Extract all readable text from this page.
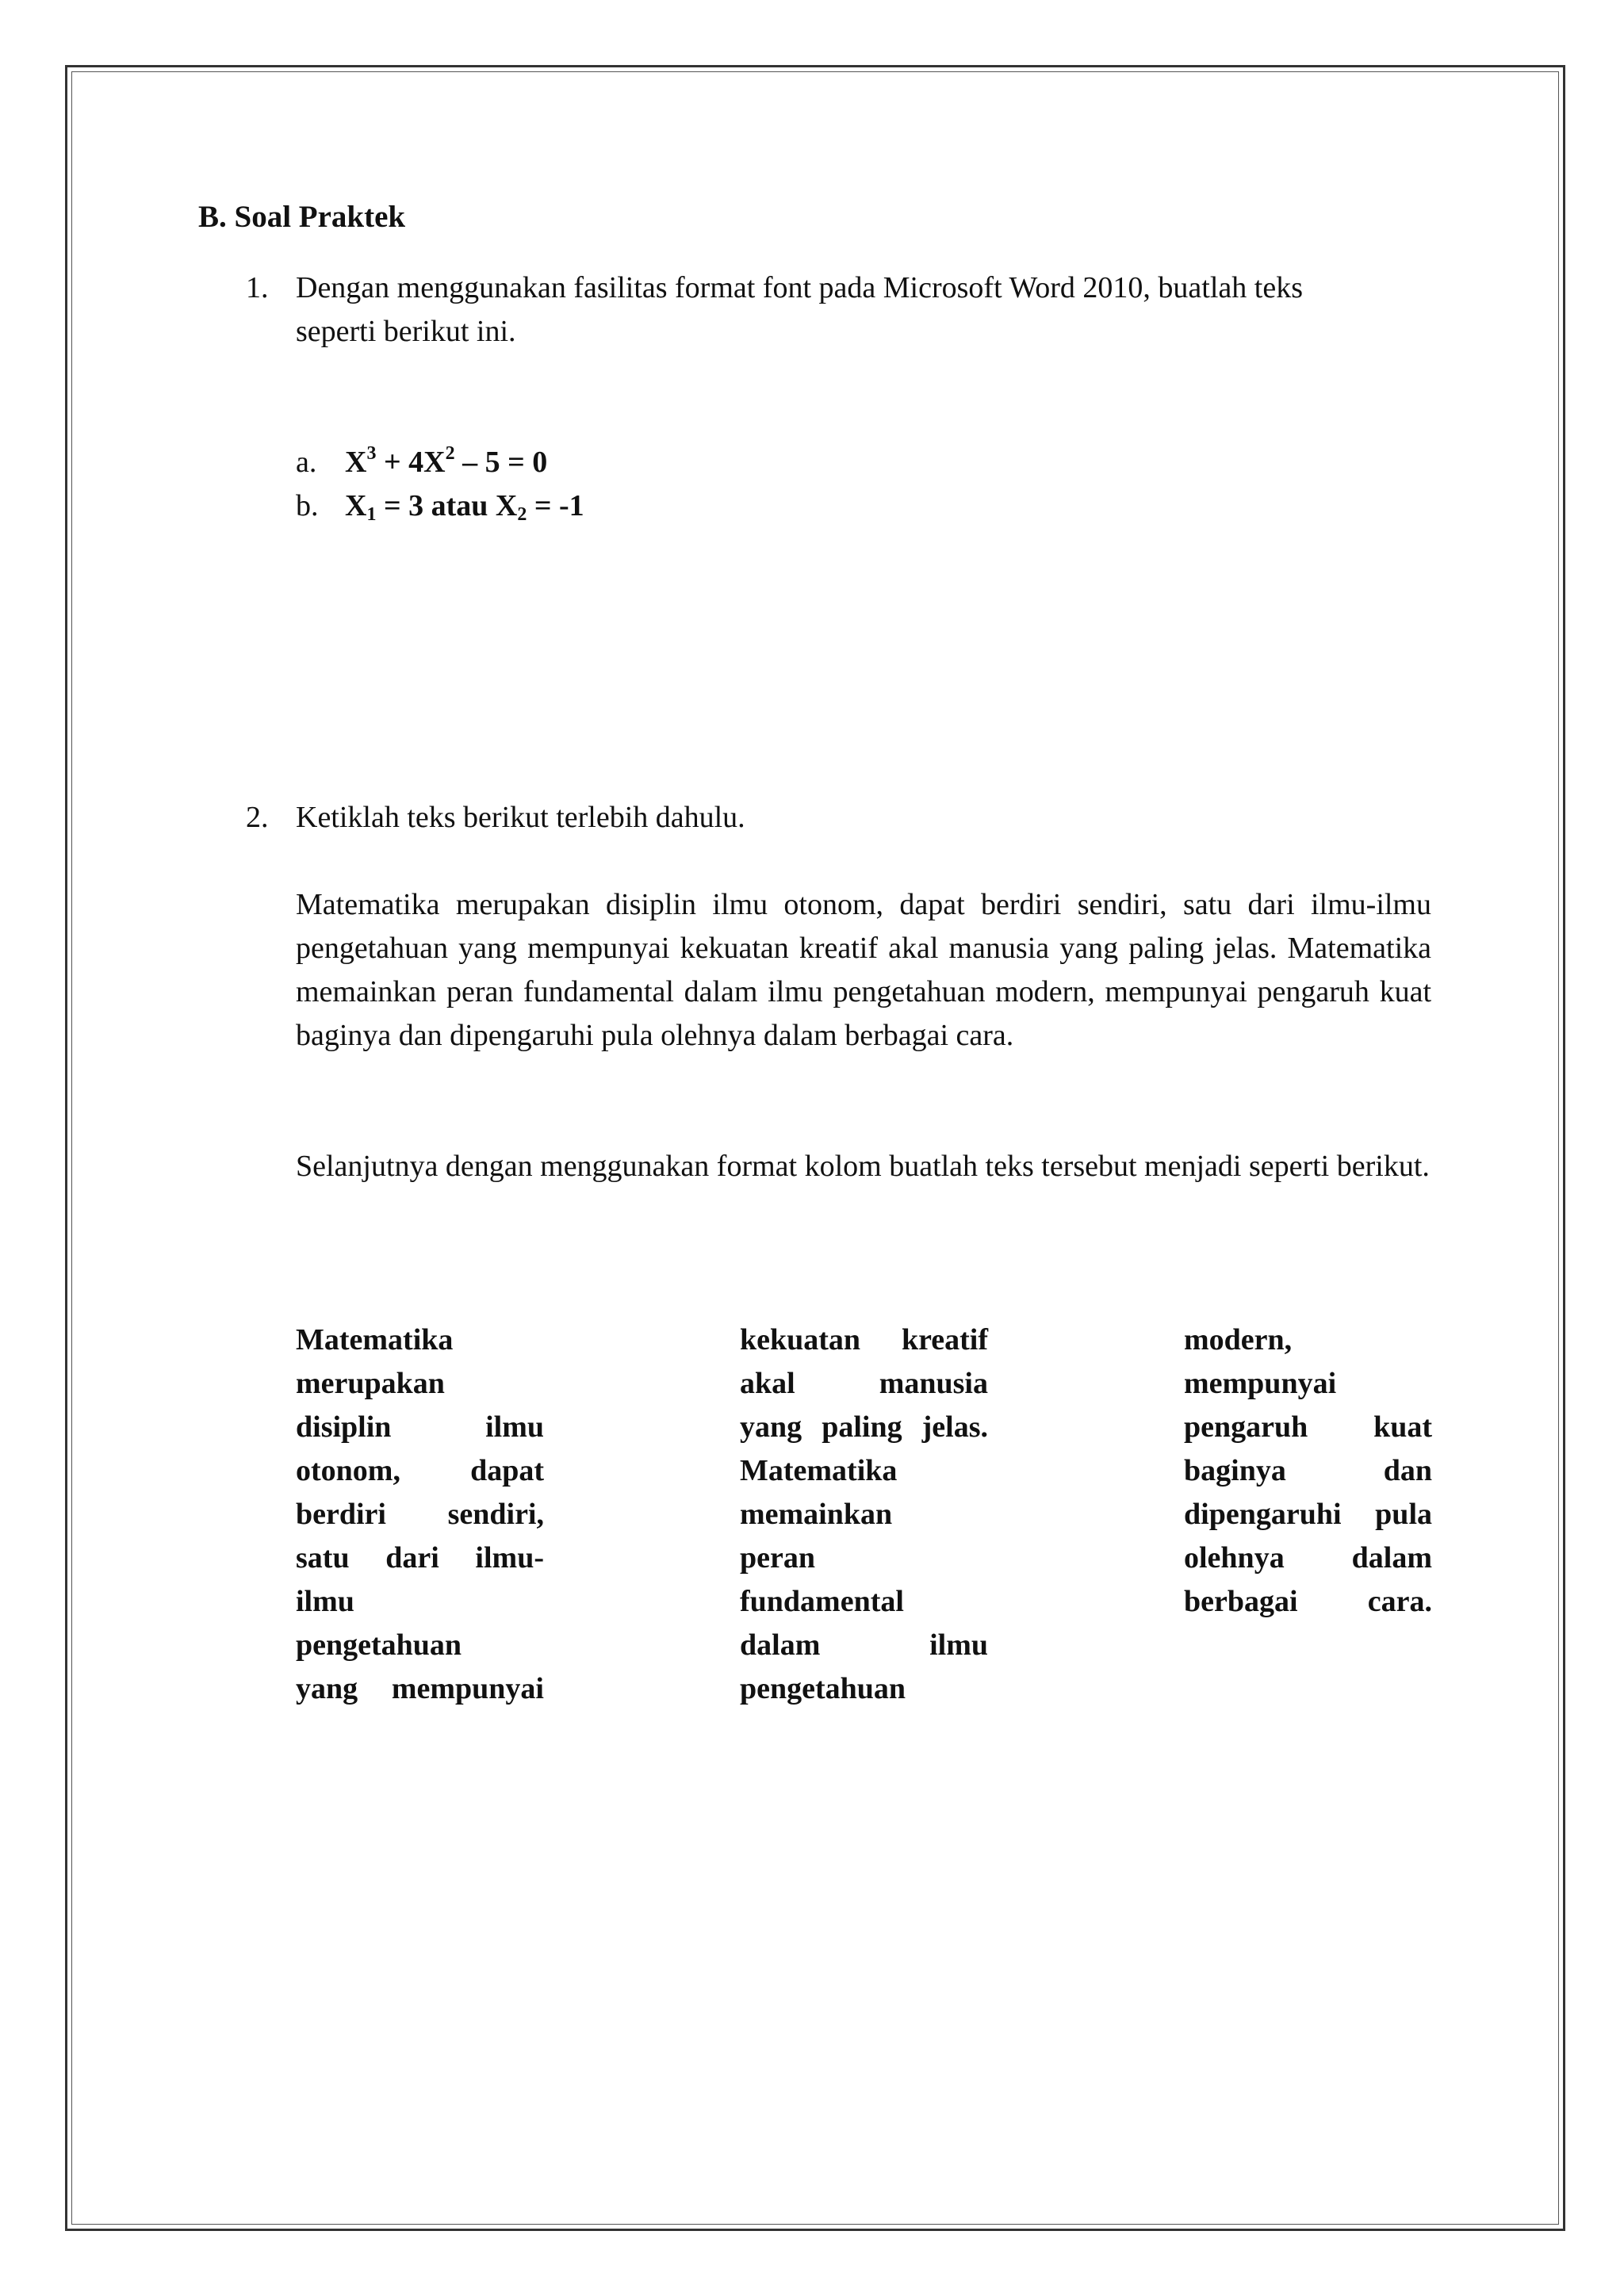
B. Soal Praktek
1. Dengan menggunakan fasilitas format font pada Microsoft Word 2010, buatlah teks
seperti berikut ini.
a. $X^3 + 4X^2 - 5 = 0$
b. $X_1 = 3$ atau $X_2 = -1$
2. Ketiklah teks berikut terlebih dahulu.
Matematika merupakan disiplin ilmu otonom, dapat berdiri sendiri, satu dari ilmu-ilmu pengetahuan yang mempunyai kekuatan kreatif akal manusia yang paling jelas. Matematika memainkan peran fundamental dalam ilmu pengetahuan modern, mempunyai pengaruh kuat baginya dan dipengaruhi pula olehnya dalam berbagai cara.
Selanjutnya dengan menggunakan format kolom buatlah teks tersebut menjadi seperti berikut.
Matematika
merupakan
disiplin ilmu
otonom, dapat
berdiri sendiri,
satu dari ilmu-
ilmu
pengetahuan
yang mempunyai
kekuatan kreatif
akal manusia
yang paling jelas.
Matematika
memainkan
peran
fundamental
dalam ilmu
pengetahuan
modern,
mempunyai
pengaruh kuat
baginya dan
dipengaruhi pula
olehnya dalam
berbagai cara.
